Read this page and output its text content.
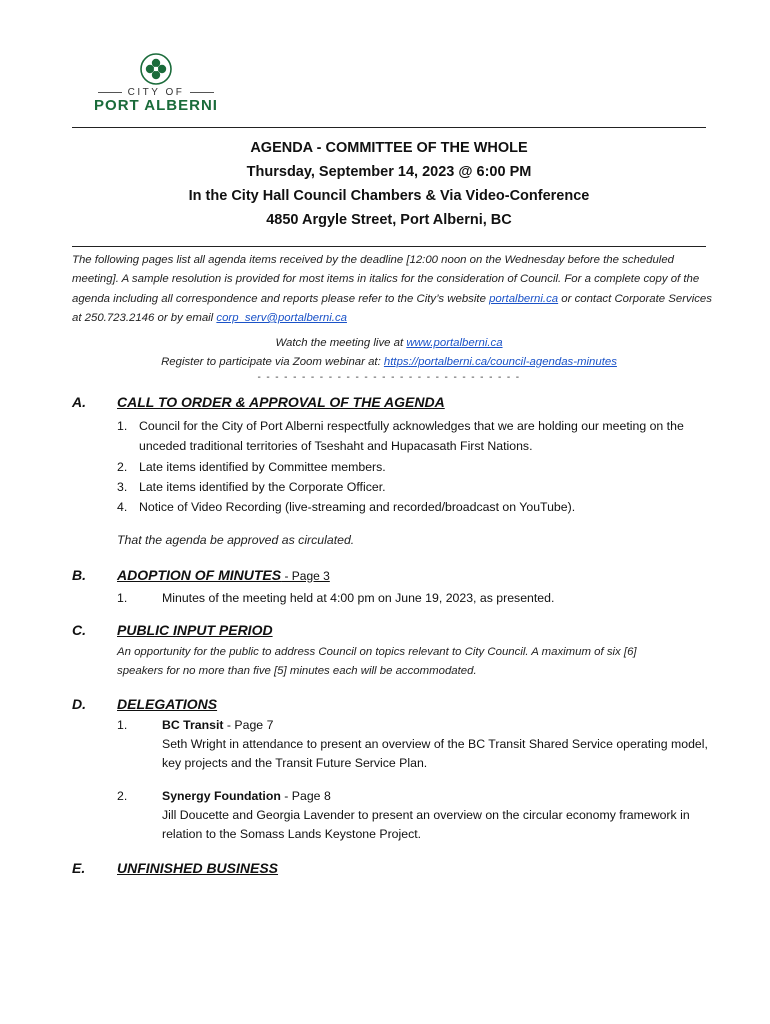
CITY OF
PORT ALBERNI
AGENDA - COMMITTEE OF THE WHOLE
Thursday, September 14, 2023 @ 6:00 PM
In the City Hall Council Chambers & Via Video-Conference
4850 Argyle Street, Port Alberni, BC
The following pages list all agenda items received by the deadline [12:00 noon on the Wednesday before the scheduled meeting]. A sample resolution is provided for most items in italics for the consideration of Council. For a complete copy of the agenda including all correspondence and reports please refer to the City’s website portalberni.ca or contact Corporate Services at 250.723.2146 or by email corp_serv@portalberni.ca
Watch the meeting live at www.portalberni.ca
Register to participate via Zoom webinar at: https://portalberni.ca/council-agendas-minutes
- - - - - - - - - - - - - - - - - - - - - - - - - - - - - -
A. CALL TO ORDER & APPROVAL OF THE AGENDA
1. Council for the City of Port Alberni respectfully acknowledges that we are holding our meeting on the unceded traditional territories of Tseshaht and Hupacasath First Nations.
2. Late items identified by Committee members.
3. Late items identified by the Corporate Officer.
4. Notice of Video Recording (live-streaming and recorded/broadcast on YouTube).
That the agenda be approved as circulated.
B. ADOPTION OF MINUTES - Page 3
1.	Minutes of the meeting held at 4:00 pm on June 19, 2023, as presented.
C. PUBLIC INPUT PERIOD
An opportunity for the public to address Council on topics relevant to City Council. A maximum of six [6] speakers for no more than five [5] minutes each will be accommodated.
D. DELEGATIONS
1.	BC Transit - Page 7
Seth Wright in attendance to present an overview of the BC Transit Shared Service operating model, key projects and the Transit Future Service Plan.
2.	Synergy Foundation - Page 8
Jill Doucette and Georgia Lavender to present an overview on the circular economy framework in relation to the Somass Lands Keystone Project.
E. UNFINISHED BUSINESS
